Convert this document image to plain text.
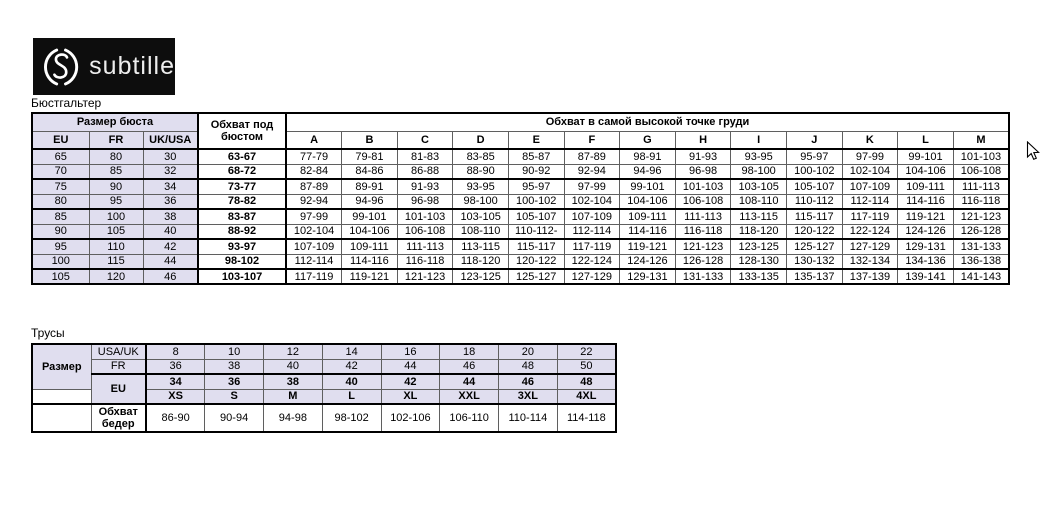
subtille
Бюстгальтер
Размер бюста			Обхват под бюстом	Обхват в самой высокой точке груди												
EU	FR	UK/USA		A	B	C	D	E	F	G	H	I	J	K	L	M
65	80	30	63-67	77-79	79-81	81-83	83-85	85-87	87-89	98-91	91-93	93-95	95-97	97-99	99-101	101-103
70	85	32	68-72	82-84	84-86	86-88	88-90	90-92	92-94	94-96	96-98	98-100	100-102	102-104	104-106	106-108
75	90	34	73-77	87-89	89-91	91-93	93-95	95-97	97-99	99-101	101-103	103-105	105-107	107-109	109-111	111-113
80	95	36	78-82	92-94	94-96	96-98	98-100	100-102	102-104	104-106	106-108	108-110	110-112	112-114	114-116	116-118
85	100	38	83-87	97-99	99-101	101-103	103-105	105-107	107-109	109-111	111-113	113-115	115-117	117-119	119-121	121-123
90	105	40	88-92	102-104	104-106	106-108	108-110	110-112-	112-114	114-116	116-118	118-120	120-122	122-124	124-126	126-128
95	110	42	93-97	107-109	109-111	111-113	113-115	115-117	117-119	119-121	121-123	123-125	125-127	127-129	129-131	131-133
100	115	44	98-102	112-114	114-116	116-118	118-120	120-122	122-124	124-126	126-128	128-130	130-132	132-134	134-136	136-138
105	120	46	103-107	117-119	119-121	121-123	123-125	125-127	127-129	129-131	131-133	133-135	135-137	137-139	139-141	141-143
Трусы
Размер	USA/UK	8	10	12	14	16	18	20	22
	FR	36	38	40	42	44	46	48	50
	EU	34	36	38	40	42	44	46	48
		XS	S	M	L	XL	XXL	3XL	4XL
	Обхват бедер	86-90	90-94	94-98	98-102	102-106	106-110	110-114	114-118
